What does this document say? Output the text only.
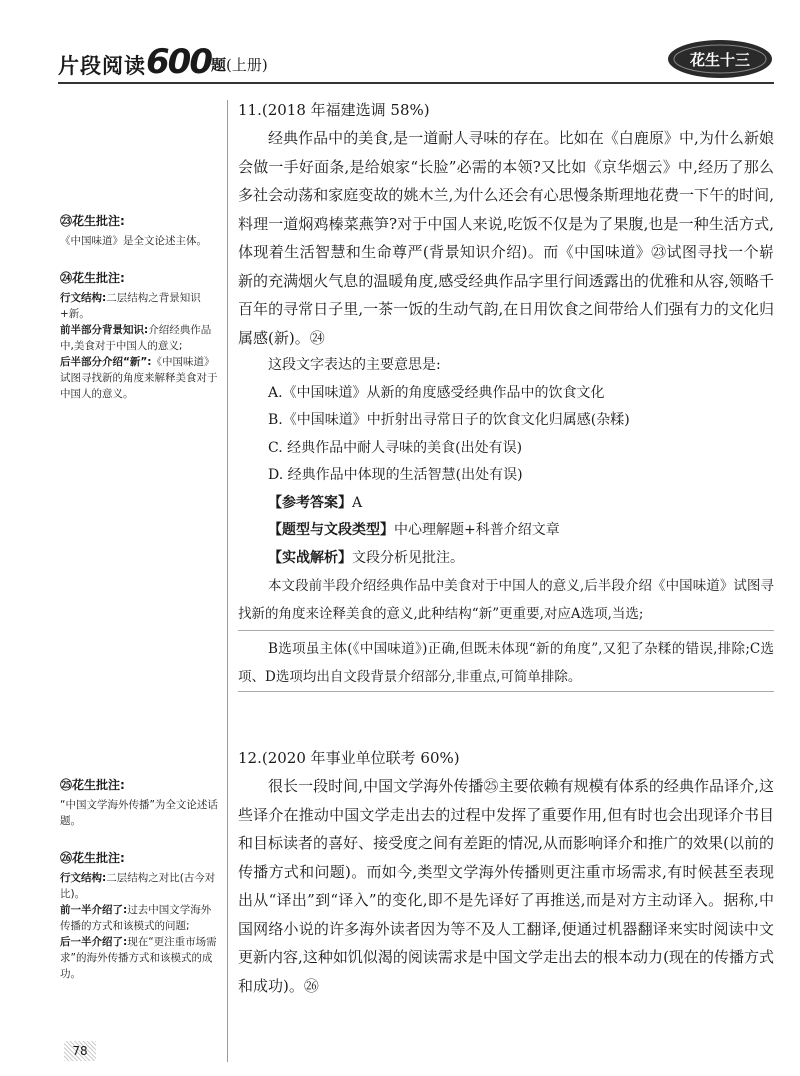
片段阅读600题(上册)	花生十三
㉓花生批注:
《中国味道》是全文论述主体。
㉔花生批注:
行文结构:二层结构之背景知识+新。
前半部分背景知识:介绍经典作品中,美食对于中国人的意义;
后半部分介绍“新”:《中国味道》试图寻找新的角度来解释美食对于中国人的意义。
㉕花生批注:
“中国文学海外传播”为全文论述话题。
㉖花生批注:
行文结构:二层结构之对比(古今对比)。
前一半介绍了:过去中国文学海外传播的方式和该模式的问题;
后一半介绍了:现在“更注重市场需求”的海外传播方式和该模式的成功。
11.(2018 年福建选调 58%)

经典作品中的美食,是一道耐人寻味的存在。比如在《白鹿原》中,为什么新娘会做一手好面条,是给娘家“长脸”必需的本领?又比如《京华烟云》中,经历了那么多社会动荡和家庭变故的姚木兰,为什么还会有心思慢条斯理地花费一下午的时间,料理一道焖鸡榛菜燕笋?对于中国人来说,吃饭不仅是为了果腹,也是一种生活方式,体现着生活智慧和生命尊严(背景知识介绍)。而《中国味道》㉓试图寻找一个崭新的充满烟火气息的温暖角度,感受经典作品字里行间透露出的优雅和从容,领略千百年的寻常日子里,一茶一饭的生动气韵,在日用饮食之间带给人们强有力的文化归属感(新)。㉔

这段文字表达的主要意思是:
A.《中国味道》从新的角度感受经典作品中的饮食文化
B.《中国味道》中折射出寻常日子的饮食文化归属感(杂糅)
C. 经典作品中耐人寻味的美食(出处有误)
D. 经典作品中体现的生活智慧(出处有误)
【参考答案】A
【题型与文段类型】中心理解题+科普介绍文章
【实战解析】文段分析见批注。

本文段前半段介绍经典作品中美食对于中国人的意义,后半段介绍《中国味道》试图寻找新的角度来诠释美食的意义,此种结构“新”更重要,对应A选项,当选;

B选项虽主体(《中国味道》)正确,但既未体现“新的角度”,又犯了杂糅的错误,排除;C选项、D选项均出自文段背景介绍部分,非重点,可简单排除。

12.(2020 年事业单位联考 60%)

很长一段时间,中国文学海外传播㉕主要依赖有规模有体系的经典作品译介,这些译介在推动中国文学走出去的过程中发挥了重要作用,但有时也会出现译介书目和目标读者的喜好、接受度之间有差距的情况,从而影响译介和推广的效果(以前的传播方式和问题)。而如今,类型文学海外传播则更注重市场需求,有时候甚至表现出从“译出”到“译入”的变化,即不是先译好了再推送,而是对方主动译入。据称,中国网络小说的许多海外读者因为等不及人工翻译,便通过机器翻译来实时阅读中文更新内容,这种如饥似渴的阅读需求是中国文学走出去的根本动力(现在的传播方式和成功)。㉖

78
